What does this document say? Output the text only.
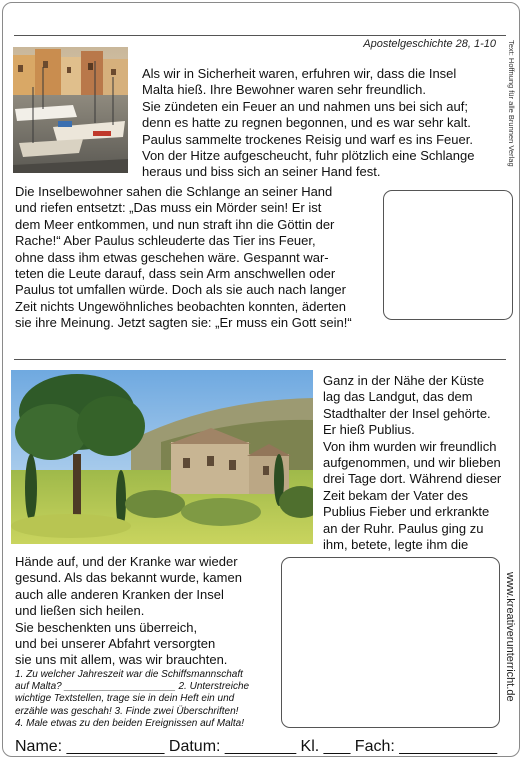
Apostelgeschichte 28, 1-10 Text: Hoffnung für alle Brunnen Verlag
www.kreativerunterricht.de
Als wir in Sicherheit waren, erfuhren wir, dass die Insel
Malta hieß. Ihre Bewohner waren sehr freundlich.
Sie zündeten ein Feuer an und nahmen uns bei sich auf;
denn es hatte zu regnen begonnen, und es war sehr kalt.
Paulus sammelte trockenes Reisig und warf es ins Feuer.
Von der Hitze aufgescheucht, fuhr plötzlich eine Schlange
heraus und biss sich an seiner Hand fest.
Die Inselbewohner sahen die Schlange an seiner Hand
und riefen entsetzt: „Das muss ein Mörder sein! Er ist
dem Meer entkommen, und nun straft ihn die Göttin der
Rache!“ Aber Paulus schleuderte das Tier ins Feuer,
ohne dass ihm etwas geschehen wäre. Gespannt war-
teten die Leute darauf, dass sein Arm anschwellen oder
Paulus tot umfallen würde. Doch als sie auch nach langer
Zeit nichts Ungewöhnliches beobachten konnten, äderten
sie ihre Meinung. Jetzt sagten sie: „Er muss ein Gott sein!“
Ganz in der Nähe der Küste
lag das Landgut, das dem
Stadthalter der Insel gehörte.
Er hieß Publius.
Von ihm wurden wir freundlich
aufgenommen, und wir blieben
drei Tage dort. Während dieser
Zeit bekam der Vater des
Publius Fieber und erkrankte
an der Ruhr. Paulus ging zu
ihm, betete, legte ihm die
Hände auf, und der Kranke war wieder
gesund. Als das bekannt wurde, kamen
auch alle anderen Kranken der Insel
und ließen sich heilen.
Sie beschenkten uns überreich,
und bei unserer Abfahrt versorgten
sie uns mit allem, was wir brauchten.
1. Zu welcher Jahreszeit war die Schiffsmannschaft
auf Malta? ____________________ 2. Unterstreiche
wichtige Textstellen, trage sie in dein Heft ein und
erzähle was geschah! 3. Finde zwei Überschriften!
4. Male etwas zu den beiden Ereignissen auf Malta!
Name: ___________ Datum: ________ Kl. ___ Fach: ___________
